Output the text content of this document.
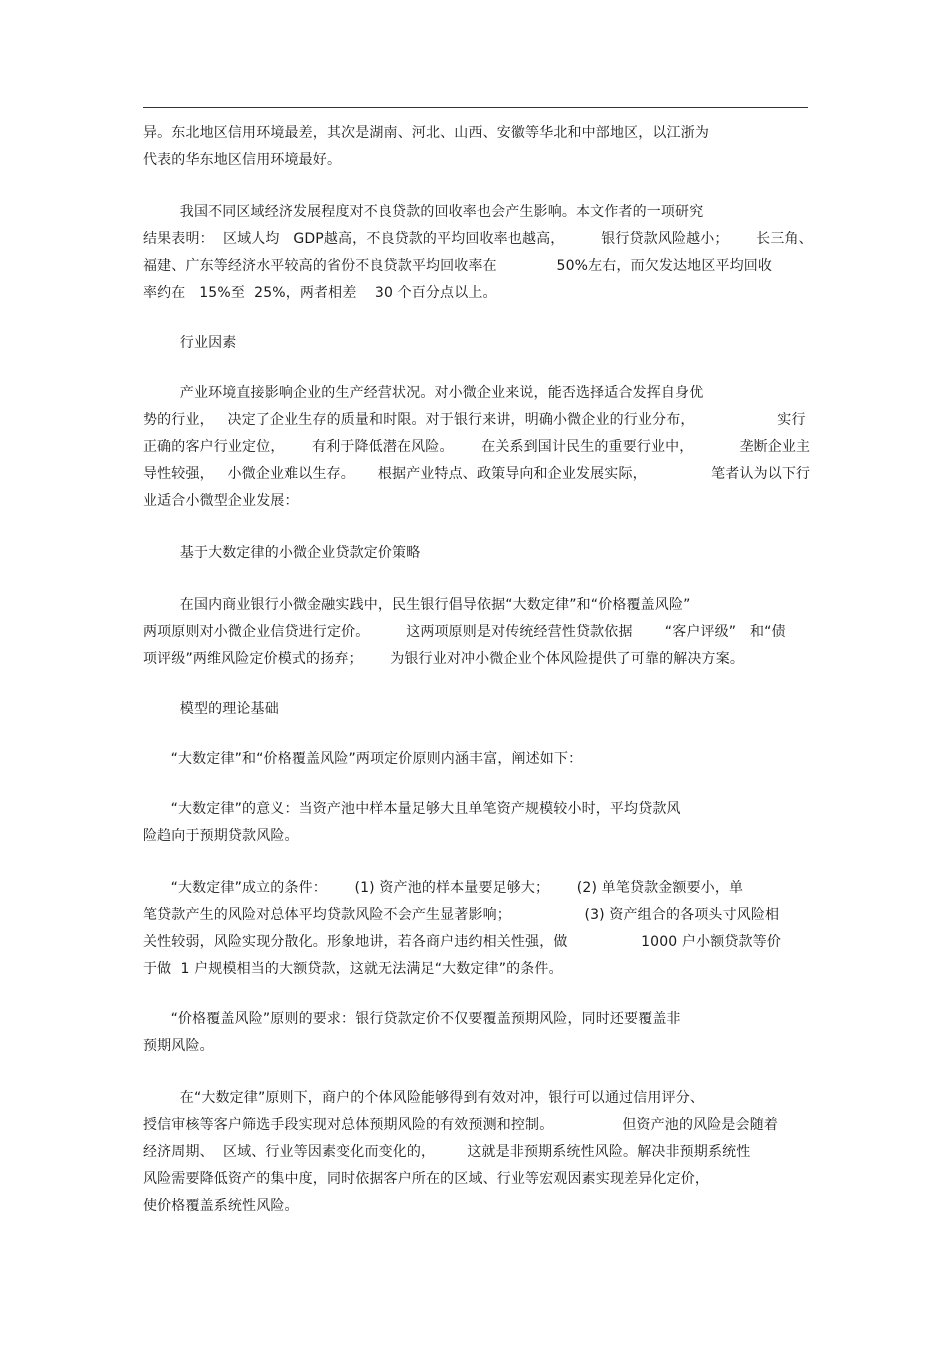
异。东北地区信用环境最差，其次是湖南、河北、山西、安徽等华北和中部地区，以江浙为
代表的华东地区信用环境最好。
我国不同区域经济发展程度对不良贷款的回收率也会产生影响。本文作者的一项研究
结果表明：  区域人均   GDP越高，不良贷款的平均回收率也越高，        银行贷款风险越小；      长三角、
福建、广东等经济水平较高的省份不良贷款平均回收率在             50%左右，而欠发达地区平均回收
率约在   15%至  25%，两者相差    30 个百分点以上。
行业因素
产业环境直接影响企业的生产经营状况。对小微企业来说，能否选择适合发挥自身优
势的行业，   决定了企业生存的质量和时限。对于银行来讲，明确小微企业的行业分布，                  实行
正确的客户行业定位，      有利于降低潜在风险。      在关系到国计民生的重要行业中，          垄断企业主
导性较强，   小微企业难以生存。     根据产业特点、政策导向和企业发展实际，              笔者认为以下行
业适合小微型企业发展：
基于大数定律的小微企业贷款定价策略
在国内商业银行小微金融实践中，民生银行倡导依据“大数定律”和“价格覆盖风险”
两项原则对小微企业信贷进行定价。        这两项原则是对传统经营性贷款依据       “客户评级”   和“债
项评级”两维风险定价模式的扬弃；      为银行业对冲小微企业个体风险提供了可靠的解决方案。
模型的理论基础
“大数定律”和“价格覆盖风险”两项定价原则内涵丰富，阐述如下：
“大数定律”的意义：当资产池中样本量足够大且单笔资产规模较小时，平均贷款风
险趋向于预期贷款风险。
“大数定律”成立的条件：      (1) 资产池的样本量要足够大；      (2) 单笔贷款金额要小，单
笔贷款产生的风险对总体平均贷款风险不会产生显著影响；                (3) 资产组合的各项头寸风险相
关性较弱，风险实现分散化。形象地讲，若各商户违约相关性强，做                1000 户小额贷款等价
于做  1 户规模相当的大额贷款，这就无法满足“大数定律”的条件。
“价格覆盖风险”原则的要求：银行贷款定价不仅要覆盖预期风险，同时还要覆盖非
预期风险。
在“大数定律”原则下，商户的个体风险能够得到有效对冲，银行可以通过信用评分、
授信审核等客户筛选手段实现对总体预期风险的有效预测和控制。               但资产池的风险是会随着
经济周期、  区域、行业等因素变化而变化的，       这就是非预期系统性风险。解决非预期系统性
风险需要降低资产的集中度，同时依据客户所在的区域、行业等宏观因素实现差异化定价，
使价格覆盖系统性风险。
